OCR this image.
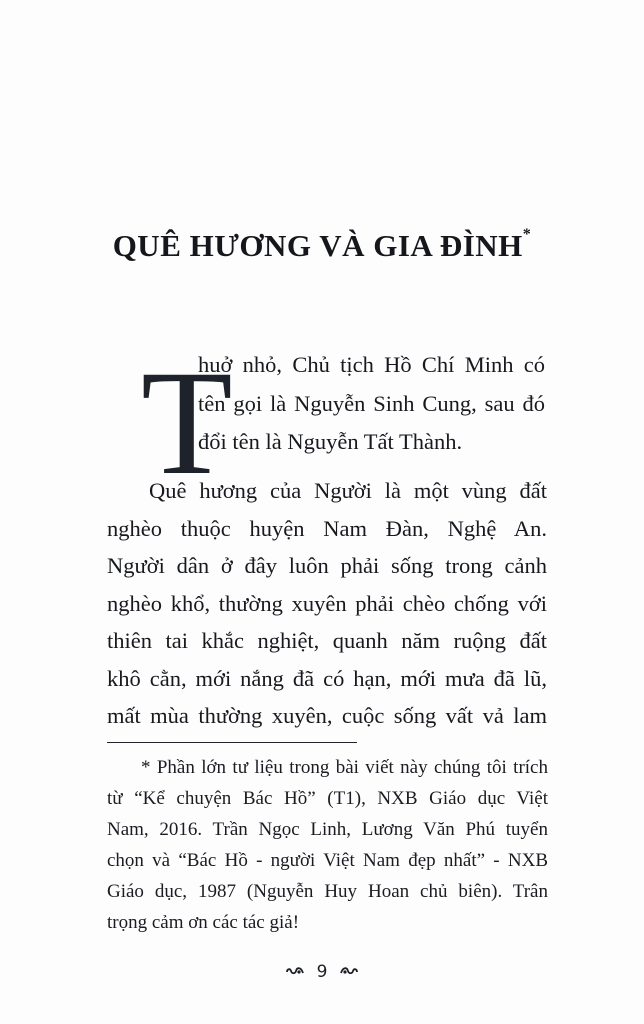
QUÊ HƯƠNG VÀ GIA ĐÌNH*
T
huở nhỏ, Chủ tịch Hồ Chí Minh có
tên gọi là Nguyễn Sinh Cung, sau đó
đổi tên là Nguyễn Tất Thành.
Quê hương của Người là một vùng đất
nghèo thuộc huyện Nam Đàn, Nghệ An.
Người dân ở đây luôn phải sống trong cảnh
nghèo khổ, thường xuyên phải chèo chống với
thiên tai khắc nghiệt, quanh năm ruộng đất
khô cằn, mới nắng đã có hạn, mới mưa đã lũ,
mất mùa thường xuyên, cuộc sống vất vả lam
* Phần lớn tư liệu trong bài viết này chúng tôi trích
từ “Kể chuyện Bác Hồ” (T1), NXB Giáo dục Việt
Nam, 2016. Trần Ngọc Linh, Lương Văn Phú tuyển
chọn và “Bác Hồ - người Việt Nam đẹp nhất” - NXB
Giáo dục, 1987 (Nguyễn Huy Hoan chủ biên). Trân
trọng cảm ơn các tác giả!
9
